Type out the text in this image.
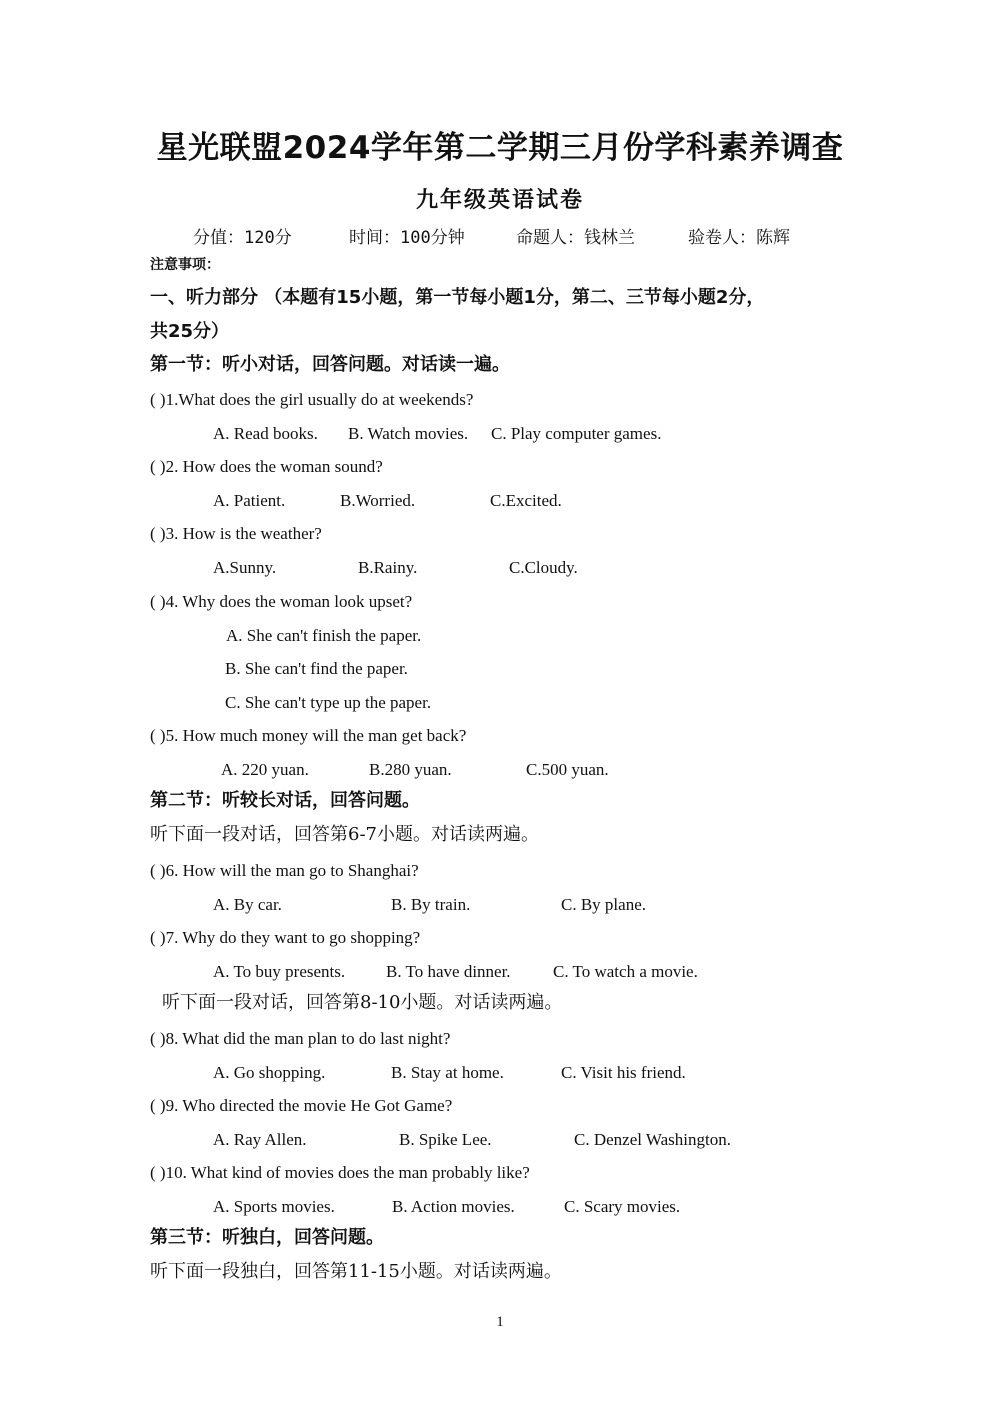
星光联盟2024学年第二学期三月份学科素养调查
九年级英语试卷
分值：120分	时间：100分钟	命题人：钱林兰	验卷人：陈辉
注意事项：
一、听力部分 （本题有15小题，第一节每小题1分，第二、三节每小题2分，
共25分）
第一节：听小对话，回答问题。对话读一遍。
( )1.What does the girl usually do at weekends?
A. Read books. B. Watch movies. C. Play computer games.
( )2. How does the woman sound?
A. Patient.	B.Worried.	C.Excited.
( )3. How is the weather?
A.Sunny.	B.Rainy.	C.Cloudy.
( )4. Why does the woman look upset?
A. She can't finish the paper.
B. She can't find the paper.
C. She can't type up the paper.
( )5. How much money will the man get back?
A. 220 yuan.	B.280 yuan.	C.500 yuan.
第二节：听较长对话，回答问题。
听下面一段对话，回答第6-7小题。对话读两遍。
( )6. How will the man go to Shanghai?
A. By car.	B. By train.	C. By plane.
( )7. Why do they want to go shopping?
A. To buy presents. B. To have dinner. C. To watch a movie.
听下面一段对话，回答第8-10小题。对话读两遍。
( )8. What did the man plan to do last night?
A. Go shopping.	B. Stay at home.	C. Visit his friend.
( )9. Who directed the movie He Got Game?
A. Ray Allen.	B. Spike Lee.	C. Denzel Washington.
( )10. What kind of movies does the man probably like?
A. Sports movies.	B. Action movies.	C. Scary movies.
第三节：听独白，回答问题。
听下面一段独白，回答第11-15小题。对话读两遍。
1
